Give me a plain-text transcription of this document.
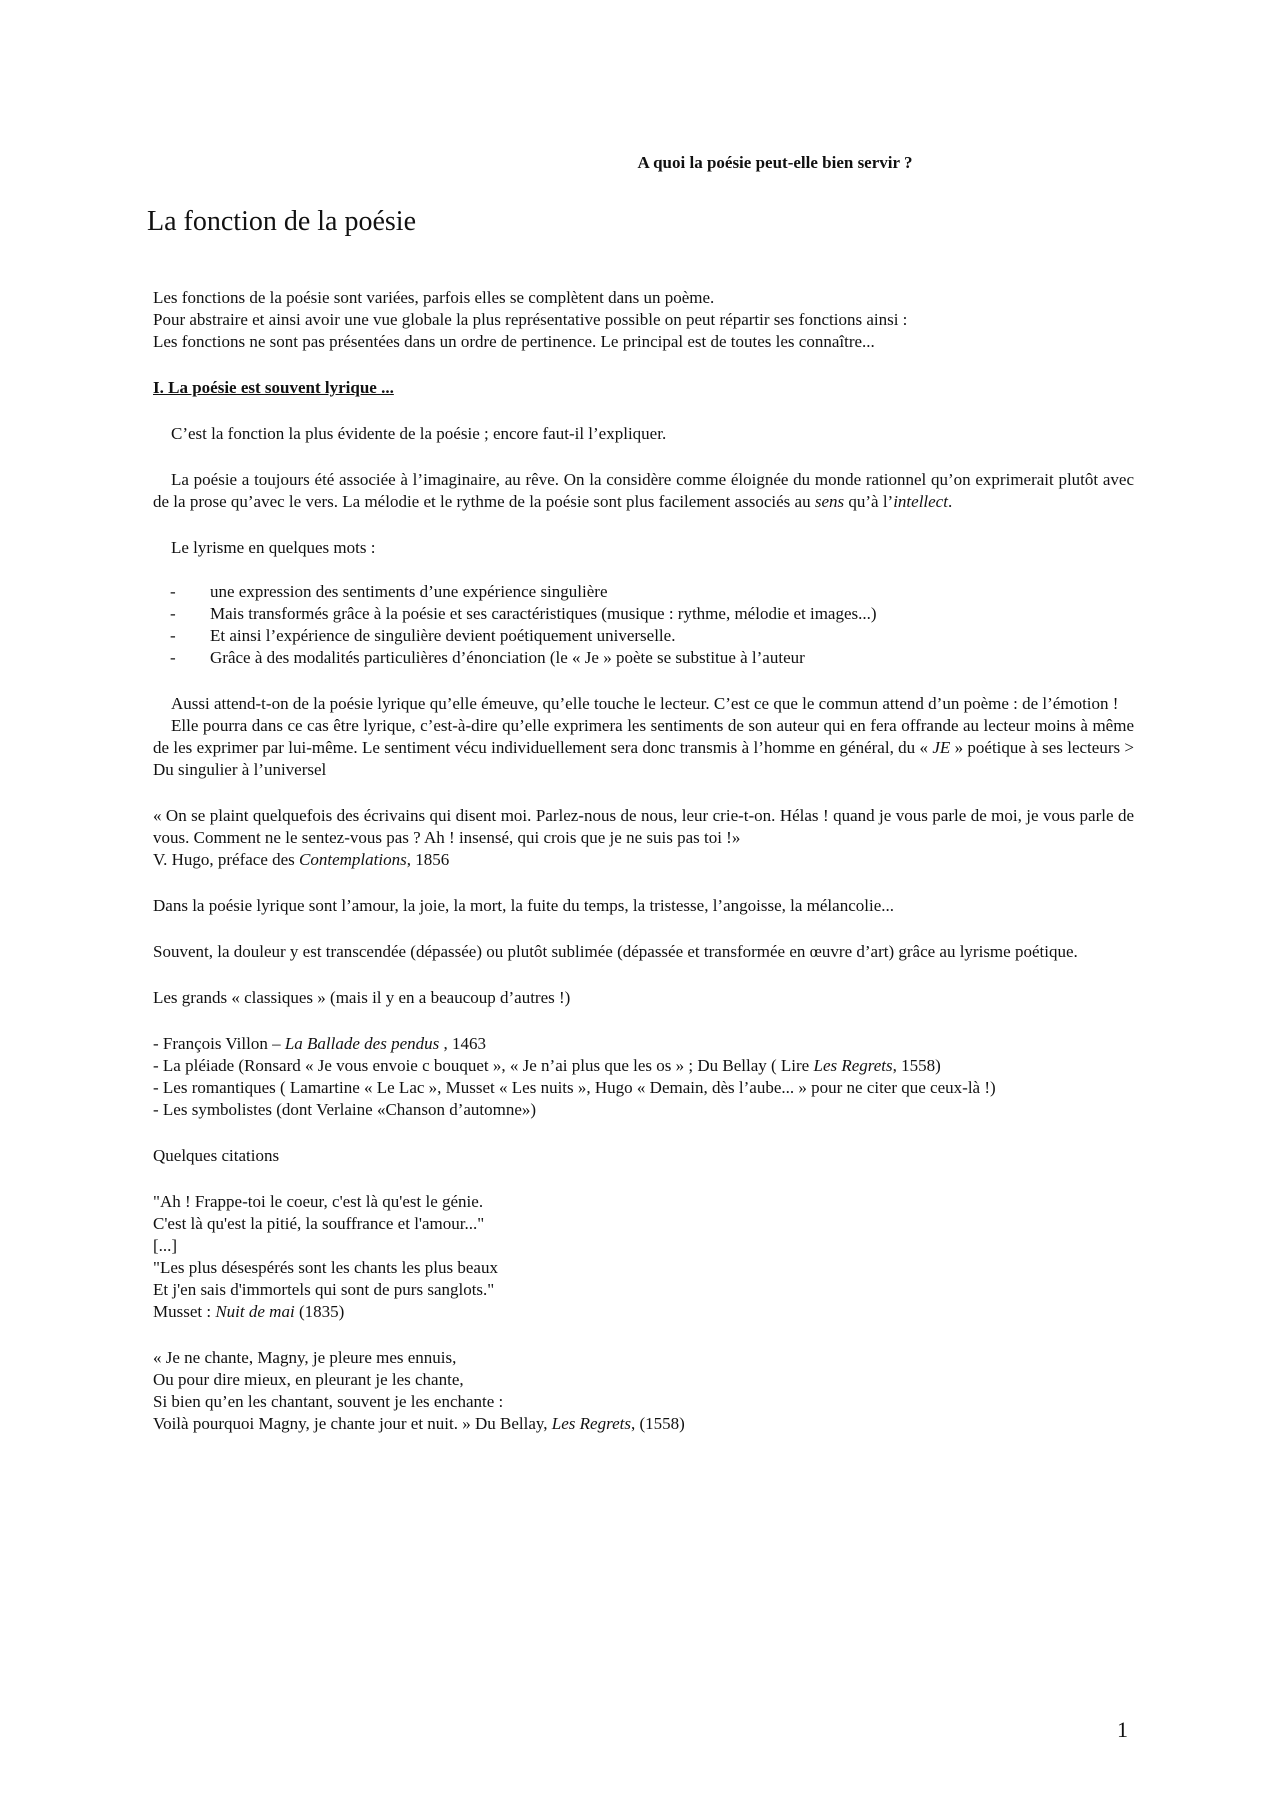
A quoi la poésie peut-elle bien servir ?
La fonction de la poésie

Les fonctions de la poésie sont variées, parfois elles se complètent dans un poème.

Pour abstraire et ainsi avoir une vue globale la plus représentative possible on peut répartir ses fonctions ainsi :

Les fonctions ne sont pas présentées dans un ordre de pertinence. Le principal est de toutes les connaître...

I. La poésie est souvent lyrique ...

C’est la fonction la plus évidente de la poésie ; encore faut-il l’expliquer.

La poésie a toujours été associée à l’imaginaire, au rêve. On la considère comme éloignée du monde rationnel qu’on exprimerait plutôt avec de la prose qu’avec le vers. La mélodie et le rythme de la poésie sont plus facilement associés au sens qu’à l’intellect.

Le lyrisme en quelques mots :

- une expression des sentiments d’une expérience singulière
- Mais transformés grâce à la poésie et ses caractéristiques (musique : rythme, mélodie et images...)
- Et ainsi l’expérience de singulière devient poétiquement universelle.
- Grâce à des modalités particulières d’énonciation (le « Je » poète se substitue à l’auteur

Aussi attend-t-on de la poésie lyrique qu’elle émeuve, qu’elle touche le lecteur. C’est ce que le commun attend d’un poème : de l’émotion !

Elle pourra dans ce cas être lyrique, c’est-à-dire qu’elle exprimera les sentiments de son auteur qui en fera offrande au lecteur moins à même de les exprimer par lui-même. Le sentiment vécu individuellement sera donc transmis à l’homme en général, du « JE » poétique à ses lecteurs > Du singulier à l’universel

« On se plaint quelquefois des écrivains qui disent moi. Parlez-nous de nous, leur crie-t-on. Hélas ! quand je vous parle de moi, je vous parle de vous. Comment ne le sentez-vous pas ? Ah ! insensé, qui crois que je ne suis pas toi !»

V. Hugo, préface des Contemplations, 1856

Dans la poésie lyrique sont l’amour, la joie, la mort, la fuite du temps, la tristesse, l’angoisse, la mélancolie...

Souvent, la douleur y est transcendée (dépassée) ou plutôt sublimée (dépassée et transformée en œuvre d’art) grâce au lyrisme poétique.

Les grands « classiques » (mais il y en a beaucoup d’autres !)

- François Villon – La Ballade des pendus , 1463

- La pléiade (Ronsard « Je vous envoie c bouquet », « Je n’ai plus que les os » ; Du Bellay ( Lire Les Regrets, 1558)

- Les romantiques ( Lamartine « Le Lac », Musset « Les nuits », Hugo « Demain, dès l’aube... » pour ne citer que ceux-là !)

- Les symbolistes (dont Verlaine «Chanson d’automne»)

Quelques citations

"Ah ! Frappe-toi le coeur, c'est là qu'est le génie.

C'est là qu'est la pitié, la souffrance et l'amour..."

[...]

"Les plus désespérés sont les chants les plus beaux

Et j'en sais d'immortels qui sont de purs sanglots."

Musset : Nuit de mai (1835)

« Je ne chante, Magny, je pleure mes ennuis,

Ou pour dire mieux, en pleurant je les chante,

Si bien qu’en les chantant, souvent je les enchante :

Voilà pourquoi Magny, je chante jour et nuit. » Du Bellay, Les Regrets, (1558)

1
